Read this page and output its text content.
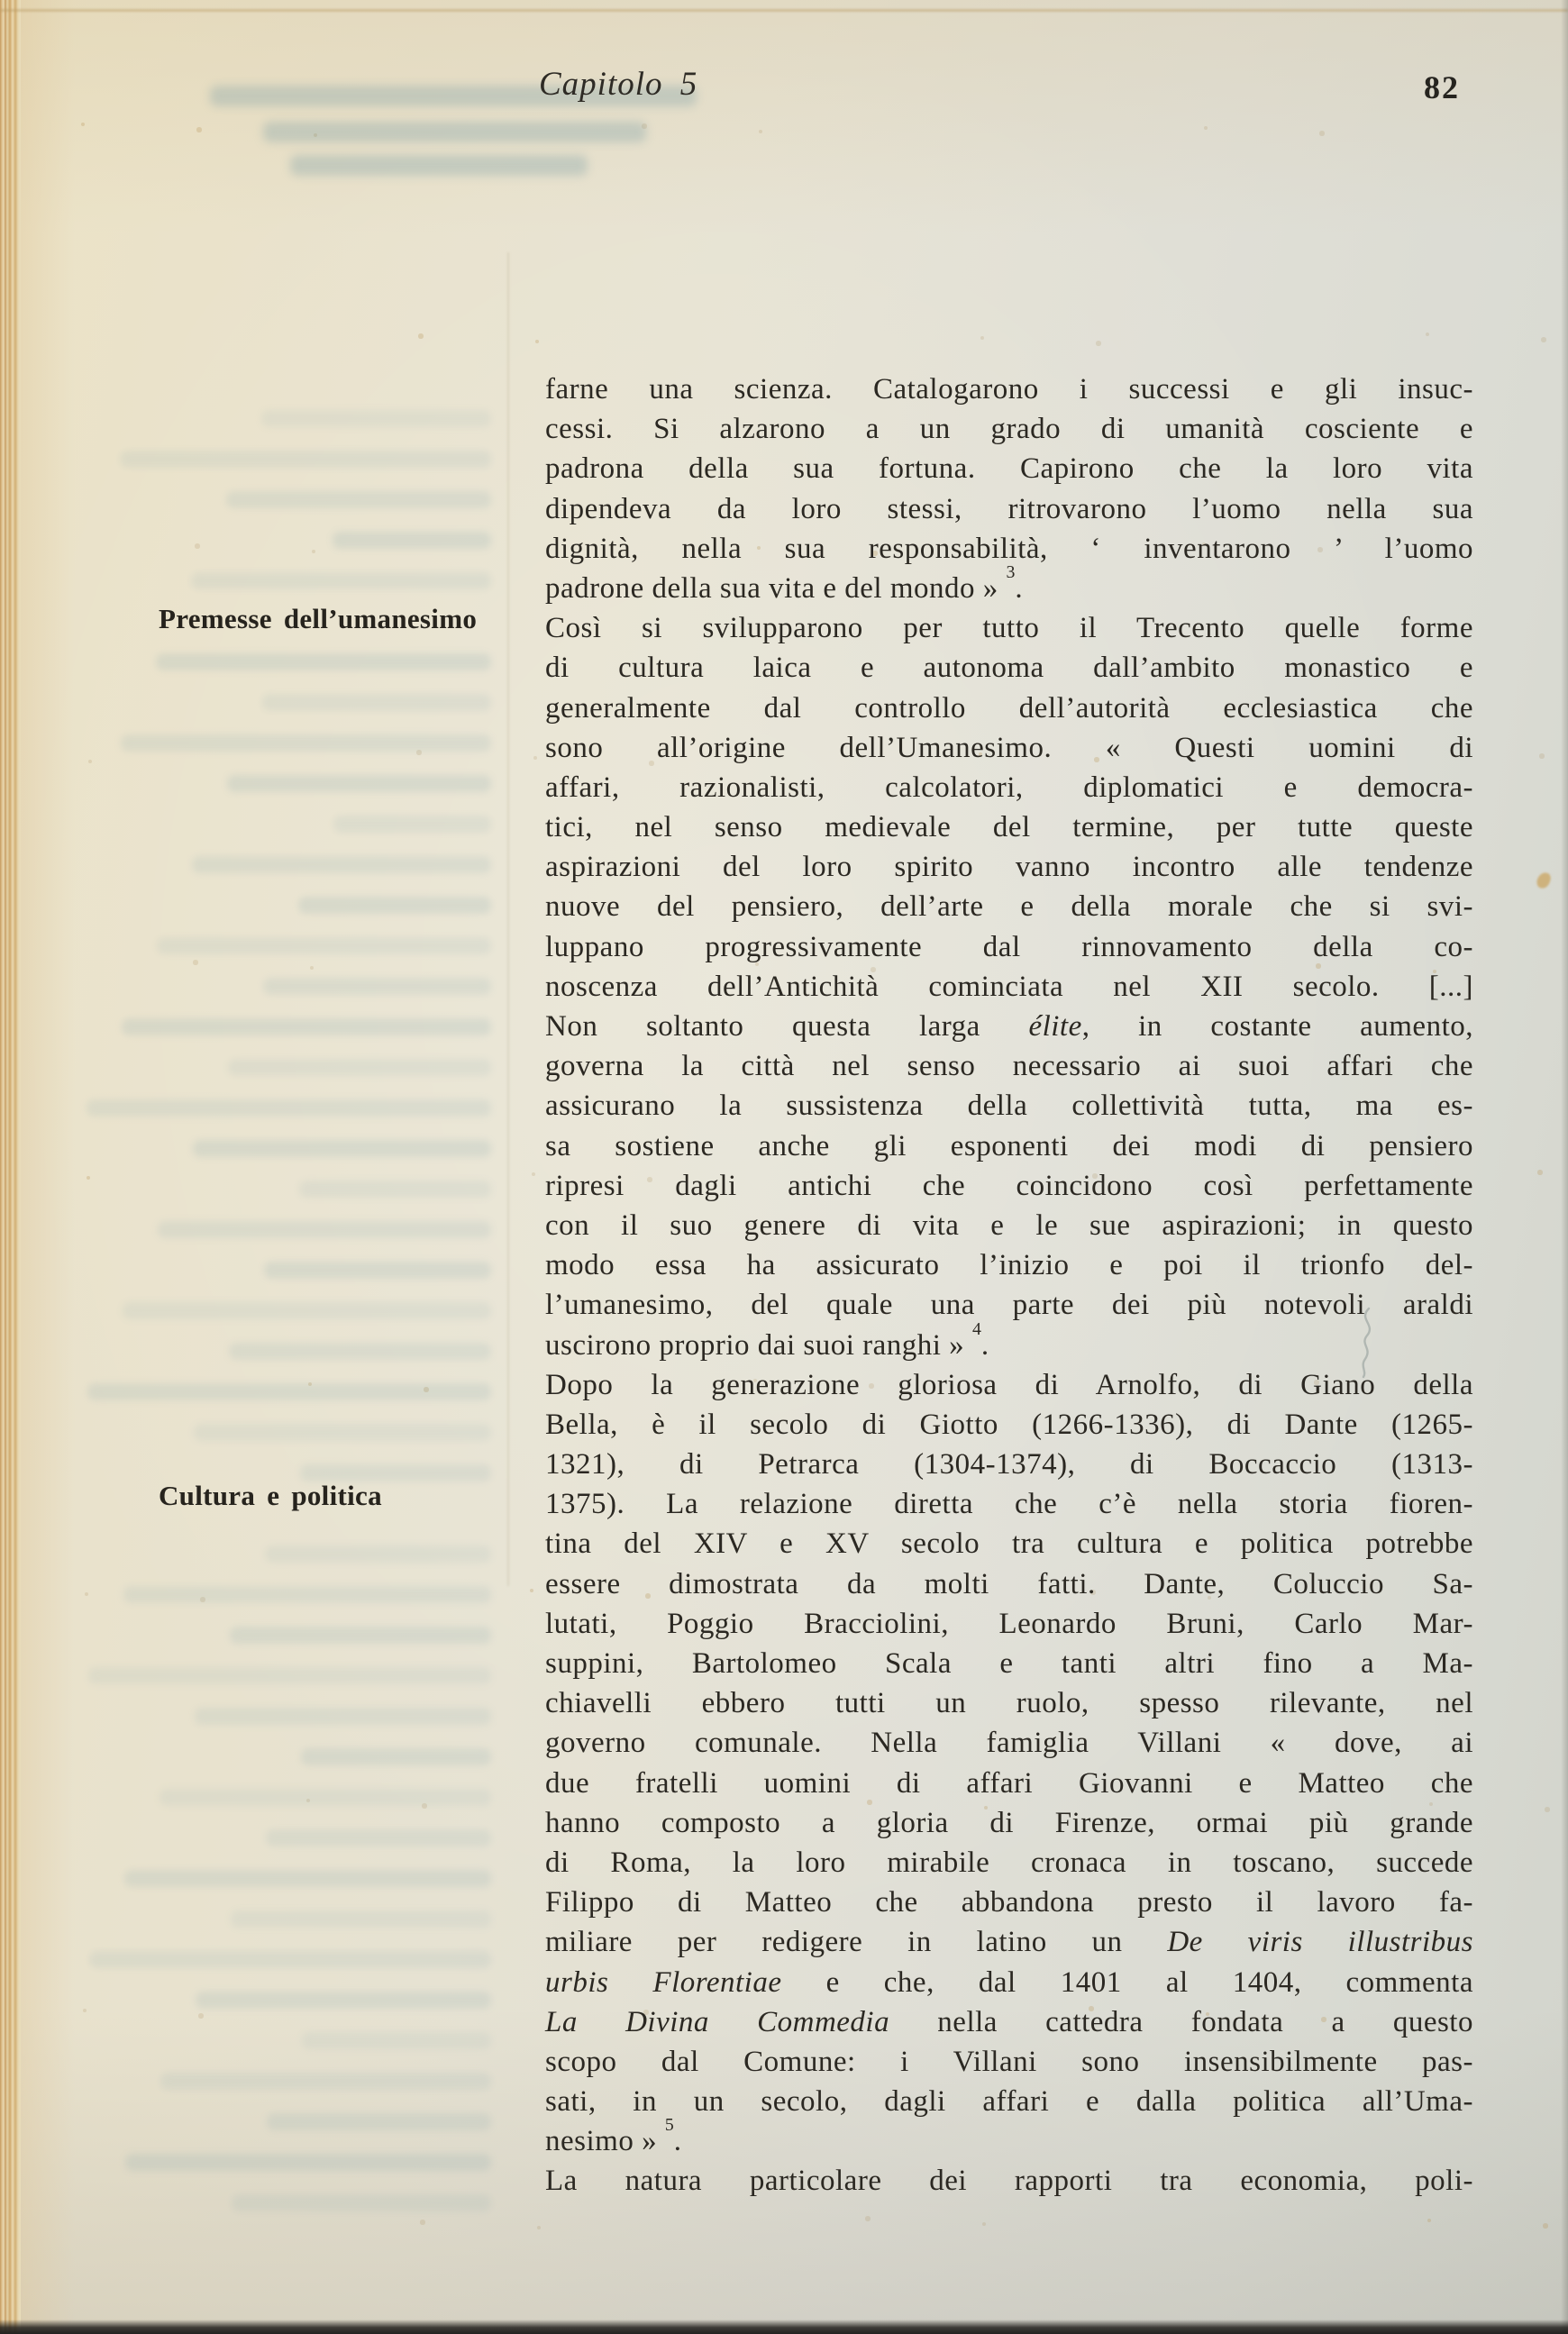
Capitolo 5	82
Premesse dell’umanesimo
Cultura e politica
farne una scienza. Catalogarono i successi e gli insuc-
cessi. Si alzarono a un grado di umanità cosciente e
padrona della sua fortuna. Capirono che la loro vita
dipendeva da loro stessi, ritrovarono l’uomo nella sua
dignità, nella sua responsabilità, ‘ inventarono ’ l’uomo
padrone della sua vita e del mondo » $^3$.
Così si svilupparono per tutto il Trecento quelle forme
di cultura laica e autonoma dall’ambito monastico e
generalmente dal controllo dell’autorità ecclesiastica che
sono all’origine dell’Umanesimo. « Questi uomini di
affari, razionalisti, calcolatori, diplomatici e democra-
tici, nel senso medievale del termine, per tutte queste
aspirazioni del loro spirito vanno incontro alle tendenze
nuove del pensiero, dell’arte e della morale che si svi-
luppano progressivamente dal rinnovamento della co-
noscenza dell’Antichità cominciata nel XII secolo. [...]
Non soltanto questa larga élite, in costante aumento,
governa la città nel senso necessario ai suoi affari che
assicurano la sussistenza della collettività tutta, ma es-
sa sostiene anche gli esponenti dei modi di pensiero
ripresi dagli antichi che coincidono così perfettamente
con il suo genere di vita e le sue aspirazioni; in questo
modo essa ha assicurato l’inizio e poi il trionfo del-
l’umanesimo, del quale una parte dei più notevoli araldi
uscirono proprio dai suoi ranghi » $^4$.
Dopo la generazione gloriosa di Arnolfo, di Giano della
Bella, è il secolo di Giotto (1266-1336), di Dante (1265-
1321), di Petrarca (1304-1374), di Boccaccio (1313-
1375). La relazione diretta che c’è nella storia fioren-
tina del XIV e XV secolo tra cultura e politica potrebbe
essere dimostrata da molti fatti. Dante, Coluccio Sa-
lutati, Poggio Bracciolini, Leonardo Bruni, Carlo Mar-
suppini, Bartolomeo Scala e tanti altri fino a Ma-
chiavelli ebbero tutti un ruolo, spesso rilevante, nel
governo comunale. Nella famiglia Villani « dove, ai
due fratelli uomini di affari Giovanni e Matteo che
hanno composto a gloria di Firenze, ormai più grande
di Roma, la loro mirabile cronaca in toscano, succede
Filippo di Matteo che abbandona presto il lavoro fa-
miliare per redigere in latino un De viris illustribus
urbis Florentiae e che, dal 1401 al 1404, commenta
La Divina Commedia nella cattedra fondata a questo
scopo dal Comune: i Villani sono insensibilmente pas-
sati, in un secolo, dagli affari e dalla politica all’Uma-
nesimo » $^5$.
La natura particolare dei rapporti tra economia, poli-
